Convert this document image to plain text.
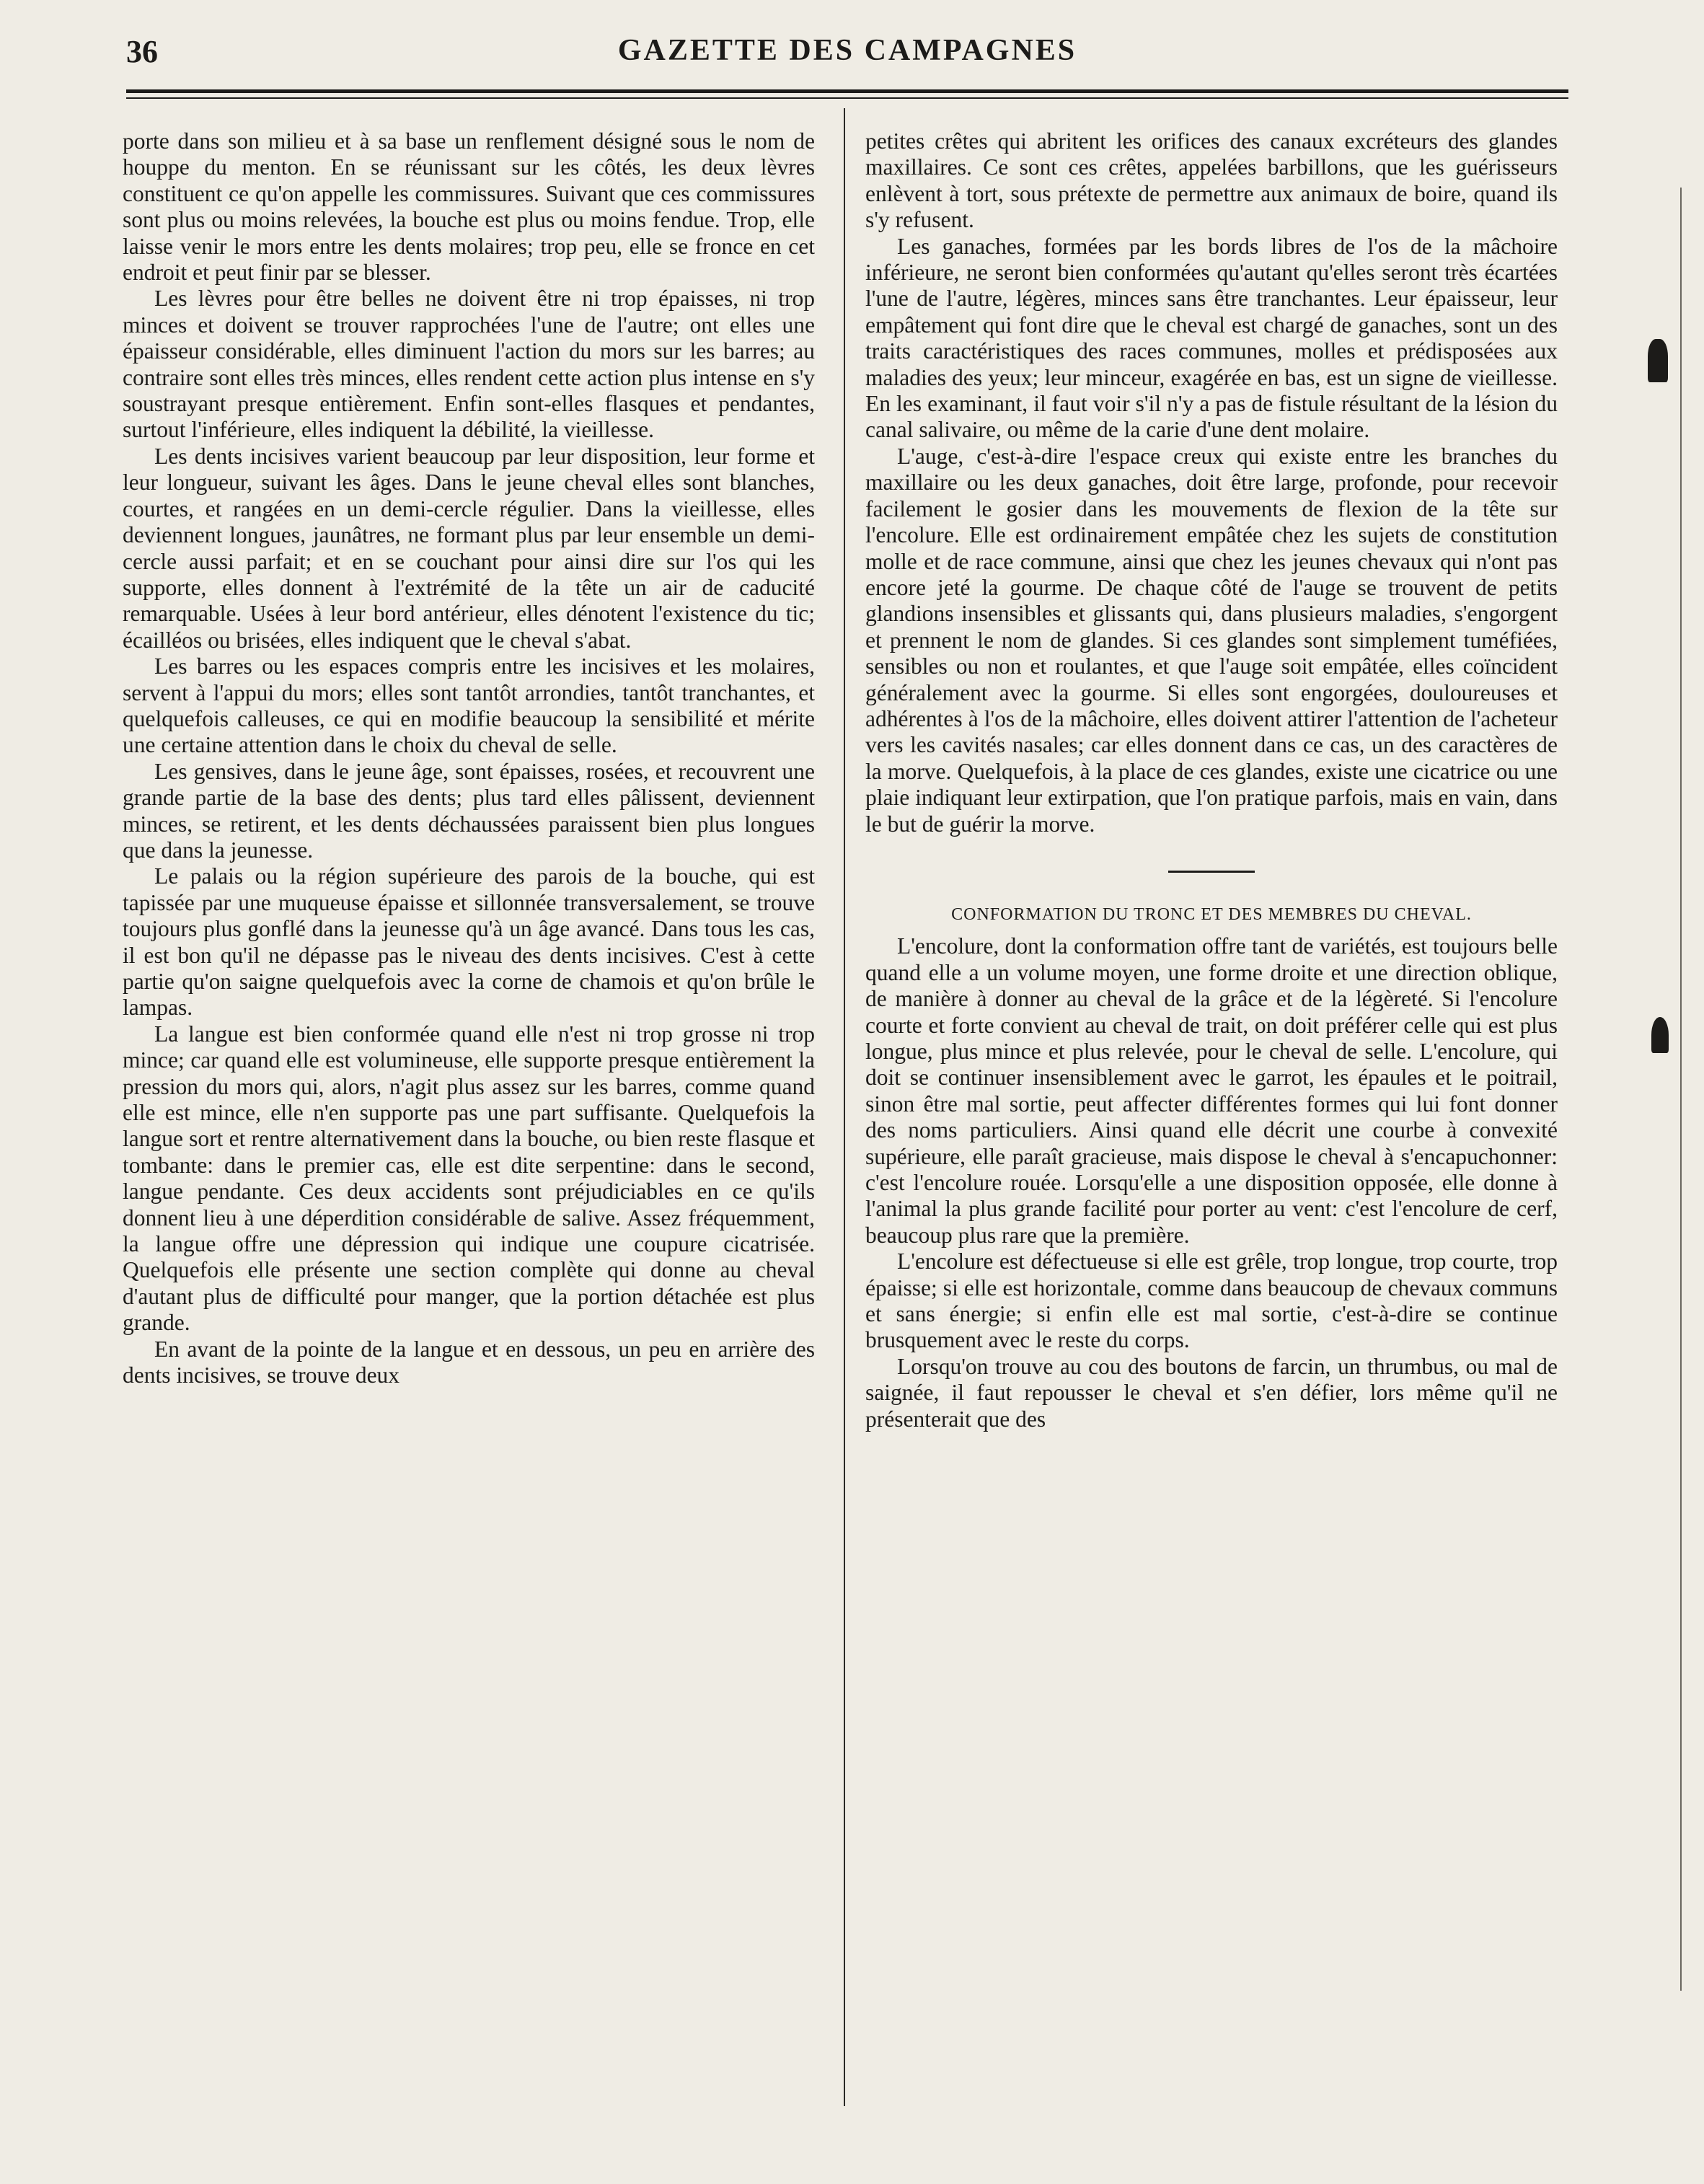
36	GAZETTE DES CAMPAGNES

porte dans son milieu et à sa base un renflement désigné sous le nom de houppe du menton. En se réunissant sur les côtés, les deux lèvres constituent ce qu'on appelle les commissures. Suivant que ces commissures sont plus ou moins relevées, la bouche est plus ou moins fendue. Trop, elle laisse venir le mors entre les dents molaires; trop peu, elle se fronce en cet endroit et peut finir par se blesser.

Les lèvres pour être belles ne doivent être ni trop épaisses, ni trop minces et doivent se trouver rapprochées l'une de l'autre; ont elles une épaisseur considérable, elles diminuent l'action du mors sur les barres; au contraire sont elles très minces, elles rendent cette action plus intense en s'y soustrayant presque entièrement. Enfin sont-elles flasques et pendantes, surtout l'inférieure, elles indiquent la débilité, la vieillesse.

Les dents incisives varient beaucoup par leur disposition, leur forme et leur longueur, suivant les âges. Dans le jeune cheval elles sont blanches, courtes, et rangées en un demi-cercle régulier. Dans la vieillesse, elles deviennent longues, jaunâtres, ne formant plus par leur ensemble un demi-cercle aussi parfait; et en se couchant pour ainsi dire sur l'os qui les supporte, elles donnent à l'extrémité de la tête un air de caducité remarquable. Usées à leur bord antérieur, elles dénotent l'existence du tic; écailléos ou brisées, elles indiquent que le cheval s'abat.

Les barres ou les espaces compris entre les incisives et les molaires, servent à l'appui du mors; elles sont tantôt arrondies, tantôt tranchantes, et quelquefois calleuses, ce qui en modifie beaucoup la sensibilité et mérite une certaine attention dans le choix du cheval de selle.

Les gensives, dans le jeune âge, sont épaisses, rosées, et recouvrent une grande partie de la base des dents; plus tard elles pâlissent, deviennent minces, se retirent, et les dents déchaussées paraissent bien plus longues que dans la jeunesse.

Le palais ou la région supérieure des parois de la bouche, qui est tapissée par une muqueuse épaisse et sillonnée transversalement, se trouve toujours plus gonflé dans la jeunesse qu'à un âge avancé. Dans tous les cas, il est bon qu'il ne dépasse pas le niveau des dents incisives. C'est à cette partie qu'on saigne quelquefois avec la corne de chamois et qu'on brûle le lampas.

La langue est bien conformée quand elle n'est ni trop grosse ni trop mince; car quand elle est volumineuse, elle supporte presque entièrement la pression du mors qui, alors, n'agit plus assez sur les barres, comme quand elle est mince, elle n'en supporte pas une part suffisante. Quelquefois la langue sort et rentre alternativement dans la bouche, ou bien reste flasque et tombante: dans le premier cas, elle est dite serpentine: dans le second, langue pendante. Ces deux accidents sont préjudiciables en ce qu'ils donnent lieu à une déperdition considérable de salive. Assez fréquemment, la langue offre une dépression qui indique une coupure cicatrisée. Quelquefois elle présente une section complète qui donne au cheval d'autant plus de difficulté pour manger, que la portion détachée est plus grande.

En avant de la pointe de la langue et en dessous, un peu en arrière des dents incisives, se trouve deux

petites crêtes qui abritent les orifices des canaux excréteurs des glandes maxillaires. Ce sont ces crêtes, appelées barbillons, que les guérisseurs enlèvent à tort, sous prétexte de permettre aux animaux de boire, quand ils s'y refusent.

Les ganaches, formées par les bords libres de l'os de la mâchoire inférieure, ne seront bien conformées qu'autant qu'elles seront très écartées l'une de l'autre, légères, minces sans être tranchantes. Leur épaisseur, leur empâtement qui font dire que le cheval est chargé de ganaches, sont un des traits caractéristiques des races communes, molles et prédisposées aux maladies des yeux; leur minceur, exagérée en bas, est un signe de vieillesse. En les examinant, il faut voir s'il n'y a pas de fistule résultant de la lésion du canal salivaire, ou même de la carie d'une dent molaire.

L'auge, c'est-à-dire l'espace creux qui existe entre les branches du maxillaire ou les deux ganaches, doit être large, profonde, pour recevoir facilement le gosier dans les mouvements de flexion de la tête sur l'encolure. Elle est ordinairement empâtée chez les sujets de constitution molle et de race commune, ainsi que chez les jeunes chevaux qui n'ont pas encore jeté la gourme. De chaque côté de l'auge se trouvent de petits glandions insensibles et glissants qui, dans plusieurs maladies, s'engorgent et prennent le nom de glandes. Si ces glandes sont simplement tuméfiées, sensibles ou non et roulantes, et que l'auge soit empâtée, elles coïncident généralement avec la gourme. Si elles sont engorgées, douloureuses et adhérentes à l'os de la mâchoire, elles doivent attirer l'attention de l'acheteur vers les cavités nasales; car elles donnent dans ce cas, un des caractères de la morve. Quelquefois, à la place de ces glandes, existe une cicatrice ou une plaie indiquant leur extirpation, que l'on pratique parfois, mais en vain, dans le but de guérir la morve.

CONFORMATION DU TRONC ET DES MEMBRES DU CHEVAL.

L'encolure, dont la conformation offre tant de variétés, est toujours belle quand elle a un volume moyen, une forme droite et une direction oblique, de manière à donner au cheval de la grâce et de la légèreté. Si l'encolure courte et forte convient au cheval de trait, on doit préférer celle qui est plus longue, plus mince et plus relevée, pour le cheval de selle. L'encolure, qui doit se continuer insensiblement avec le garrot, les épaules et le poitrail, sinon être mal sortie, peut affecter différentes formes qui lui font donner des noms particuliers. Ainsi quand elle décrit une courbe à convexité supérieure, elle paraît gracieuse, mais dispose le cheval à s'encapuchonner: c'est l'encolure rouée. Lorsqu'elle a une disposition opposée, elle donne à l'animal la plus grande facilité pour porter au vent: c'est l'encolure de cerf, beaucoup plus rare que la première.

L'encolure est défectueuse si elle est grêle, trop longue, trop courte, trop épaisse; si elle est horizontale, comme dans beaucoup de chevaux communs et sans énergie; si enfin elle est mal sortie, c'est-à-dire se continue brusquement avec le reste du corps.

Lorsqu'on trouve au cou des boutons de farcin, un thrumbus, ou mal de saignée, il faut repousser le cheval et s'en défier, lors même qu'il ne présenterait que des
